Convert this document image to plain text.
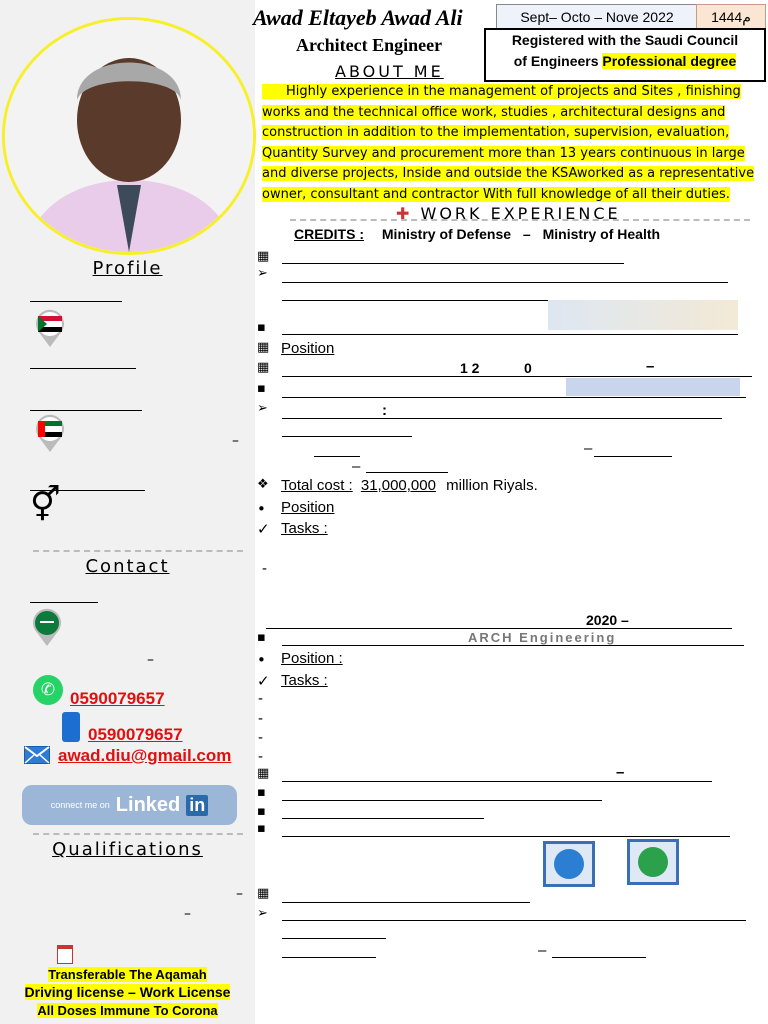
Profile
–
⚥
Contact
–
✆ 0590079657
0590079657
awad.diu@gmail.com
connect me on Linked in
Qualifications
–
–
Transferable The Aqamah
Driving license – Work License
All Doses Immune To Corona
Awad Eltayeb Awad Ali
Architect Engineer
Sept– Octo – Nove 2022	م1444
Registered with the Saudi Council
of Engineers Professional degree
ABOUT ME
Highly experience in the management of projects and Sites , finishing works and the technical office work, studies , architectural designs and construction in addition to the implementation, supervision, evaluation, Quantity Survey and procurement more than 13 years continuous in large and diverse projects, Inside and outside the KSAworked as a representative owner, consultant and contractor With full knowledge of all their duties.
✚ WORK EXPERIENCE
CREDITS : Ministry of Defense – Ministry of Health
▦
➢
▪
▦ Position
▦	1 2	0	–
▪
➢	:
–
–
❖ Total cost : 31,000,000 million Riyals.
• Position
✓ Tasks :
-
2020 –
▪	ARCH Engineering
• Position :
✓ Tasks :
-
-
-
-
▦	–
▪
▪
▪
▦
➢
–
